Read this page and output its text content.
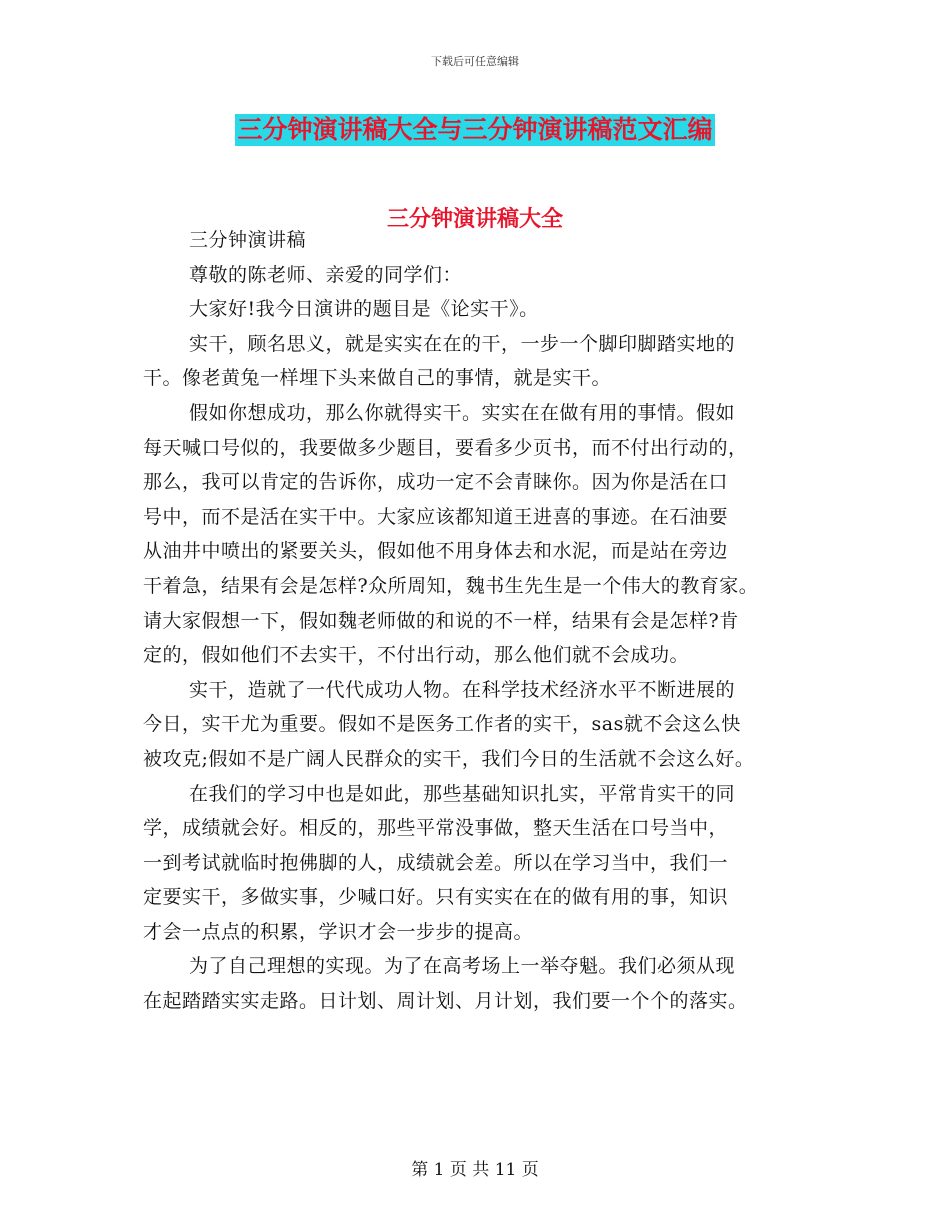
下载后可任意编辑
三分钟演讲稿大全与三分钟演讲稿范文汇编
三分钟演讲稿大全
三分钟演讲稿
尊敬的陈老师、亲爱的同学们：
大家好!我今日演讲的题目是《论实干》。
实干，顾名思义，就是实实在在的干，一步一个脚印脚踏实地的
干。像老黄兔一样埋下头来做自己的事情，就是实干。
假如你想成功，那么你就得实干。实实在在做有用的事情。假如
每天喊口号似的，我要做多少题目，要看多少页书，而不付出行动的，
那么，我可以肯定的告诉你，成功一定不会青睐你。因为你是活在口
号中，而不是活在实干中。大家应该都知道王进喜的事迹。在石油要
从油井中喷出的紧要关头，假如他不用身体去和水泥，而是站在旁边
干着急，结果有会是怎样?众所周知，魏书生先生是一个伟大的教育家。
请大家假想一下，假如魏老师做的和说的不一样，结果有会是怎样?肯
定的，假如他们不去实干，不付出行动，那么他们就不会成功。
实干，造就了一代代成功人物。在科学技术经济水平不断进展的
今日，实干尤为重要。假如不是医务工作者的实干，sas就不会这么快
被攻克;假如不是广阔人民群众的实干，我们今日的生活就不会这么好。
在我们的学习中也是如此，那些基础知识扎实，平常肯实干的同
学，成绩就会好。相反的，那些平常没事做，整天生活在口号当中，
一到考试就临时抱佛脚的人，成绩就会差。所以在学习当中，我们一
定要实干，多做实事，少喊口好。只有实实在在的做有用的事，知识
才会一点点的积累，学识才会一步步的提高。
为了自己理想的实现。为了在高考场上一举夺魁。我们必须从现
在起踏踏实实走路。日计划、周计划、月计划，我们要一个个的落实。
第 1 页 共 11 页
